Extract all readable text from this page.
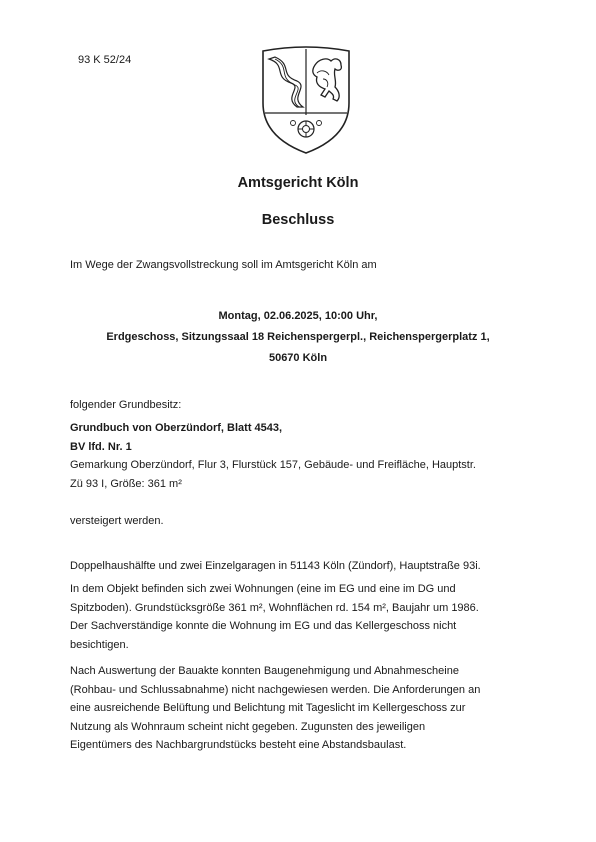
93 K 52/24
Amtsgericht Köln
Beschluss
Im Wege der Zwangsvollstreckung soll im Amtsgericht Köln am
Montag, 02.06.2025, 10:00 Uhr,
Erdgeschoss, Sitzungssaal 18 Reichenspergerpl., Reichenspergerplatz 1,
50670 Köln
folgender Grundbesitz:
Grundbuch von Oberzündorf, Blatt 4543,
BV lfd. Nr. 1
Gemarkung Oberzündorf, Flur 3, Flurstück 157, Gebäude- und Freifläche, Hauptstr.
Zü 93 I, Größe: 361 m²
versteigert werden.
Doppelhaushälfte und zwei Einzelgaragen in 51143 Köln (Zündorf), Hauptstraße 93i.
In dem Objekt befinden sich zwei Wohnungen (eine im EG und eine im DG und
Spitzboden). Grundstücksgröße 361 m², Wohnflächen rd. 154 m², Baujahr um 1986.
Der Sachverständige konnte die Wohnung im EG und das Kellergeschoss nicht
besichtigen.
Nach Auswertung der Bauakte konnten Baugenehmigung und Abnahmescheine
(Rohbau- und Schlussabnahme) nicht nachgewiesen werden. Die Anforderungen an
eine ausreichende Belüftung und Belichtung mit Tageslicht im Kellergeschoss zur
Nutzung als Wohnraum scheint nicht gegeben. Zugunsten des jeweiligen
Eigentümers des Nachbargrundstücks besteht eine Abstandsbaulast.
